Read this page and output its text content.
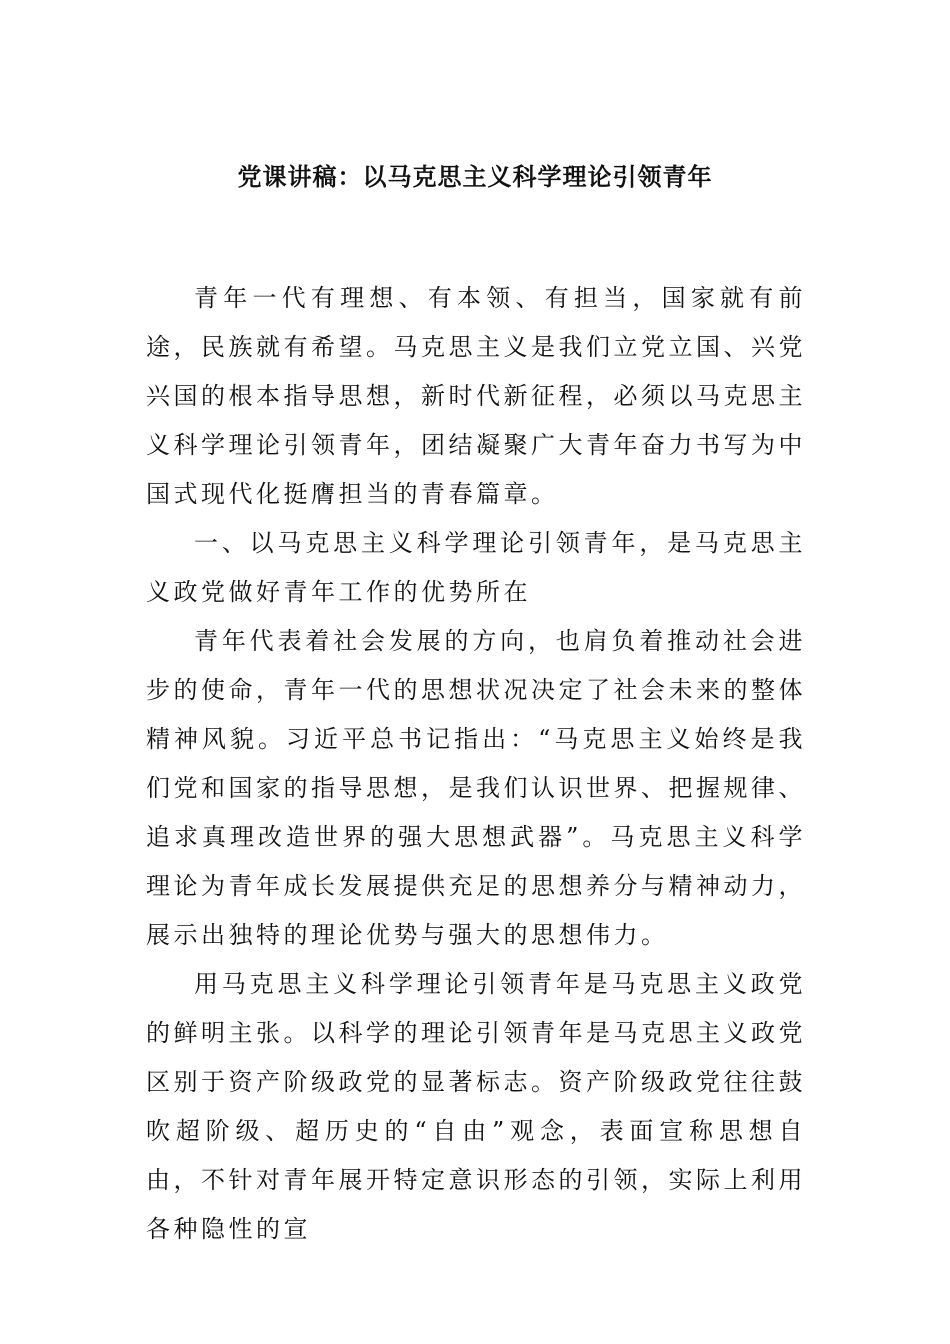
党课讲稿：以马克思主义科学理论引领青年

青年一代有理想、有本领、有担当，国家就有前途，民族就有希望。马克思主义是我们立党立国、兴党兴国的根本指导思想，新时代新征程，必须以马克思主义科学理论引领青年，团结凝聚广大青年奋力书写为中国式现代化挺膺担当的青春篇章。

一、以马克思主义科学理论引领青年，是马克思主义政党做好青年工作的优势所在

青年代表着社会发展的方向，也肩负着推动社会进步的使命，青年一代的思想状况决定了社会未来的整体精神风貌。习近平总书记指出：“马克思主义始终是我们党和国家的指导思想，是我们认识世界、把握规律、追求真理改造世界的强大思想武器”。马克思主义科学理论为青年成长发展提供充足的思想养分与精神动力，展示出独特的理论优势与强大的思想伟力。

用马克思主义科学理论引领青年是马克思主义政党的鲜明主张。以科学的理论引领青年是马克思主义政党区别于资产阶级政党的显著标志。资产阶级政党往往鼓吹超阶级、超历史的“自由”观念，表面宣称思想自由，不针对青年展开特定意识形态的引领，实际上利用各种隐性的宣
